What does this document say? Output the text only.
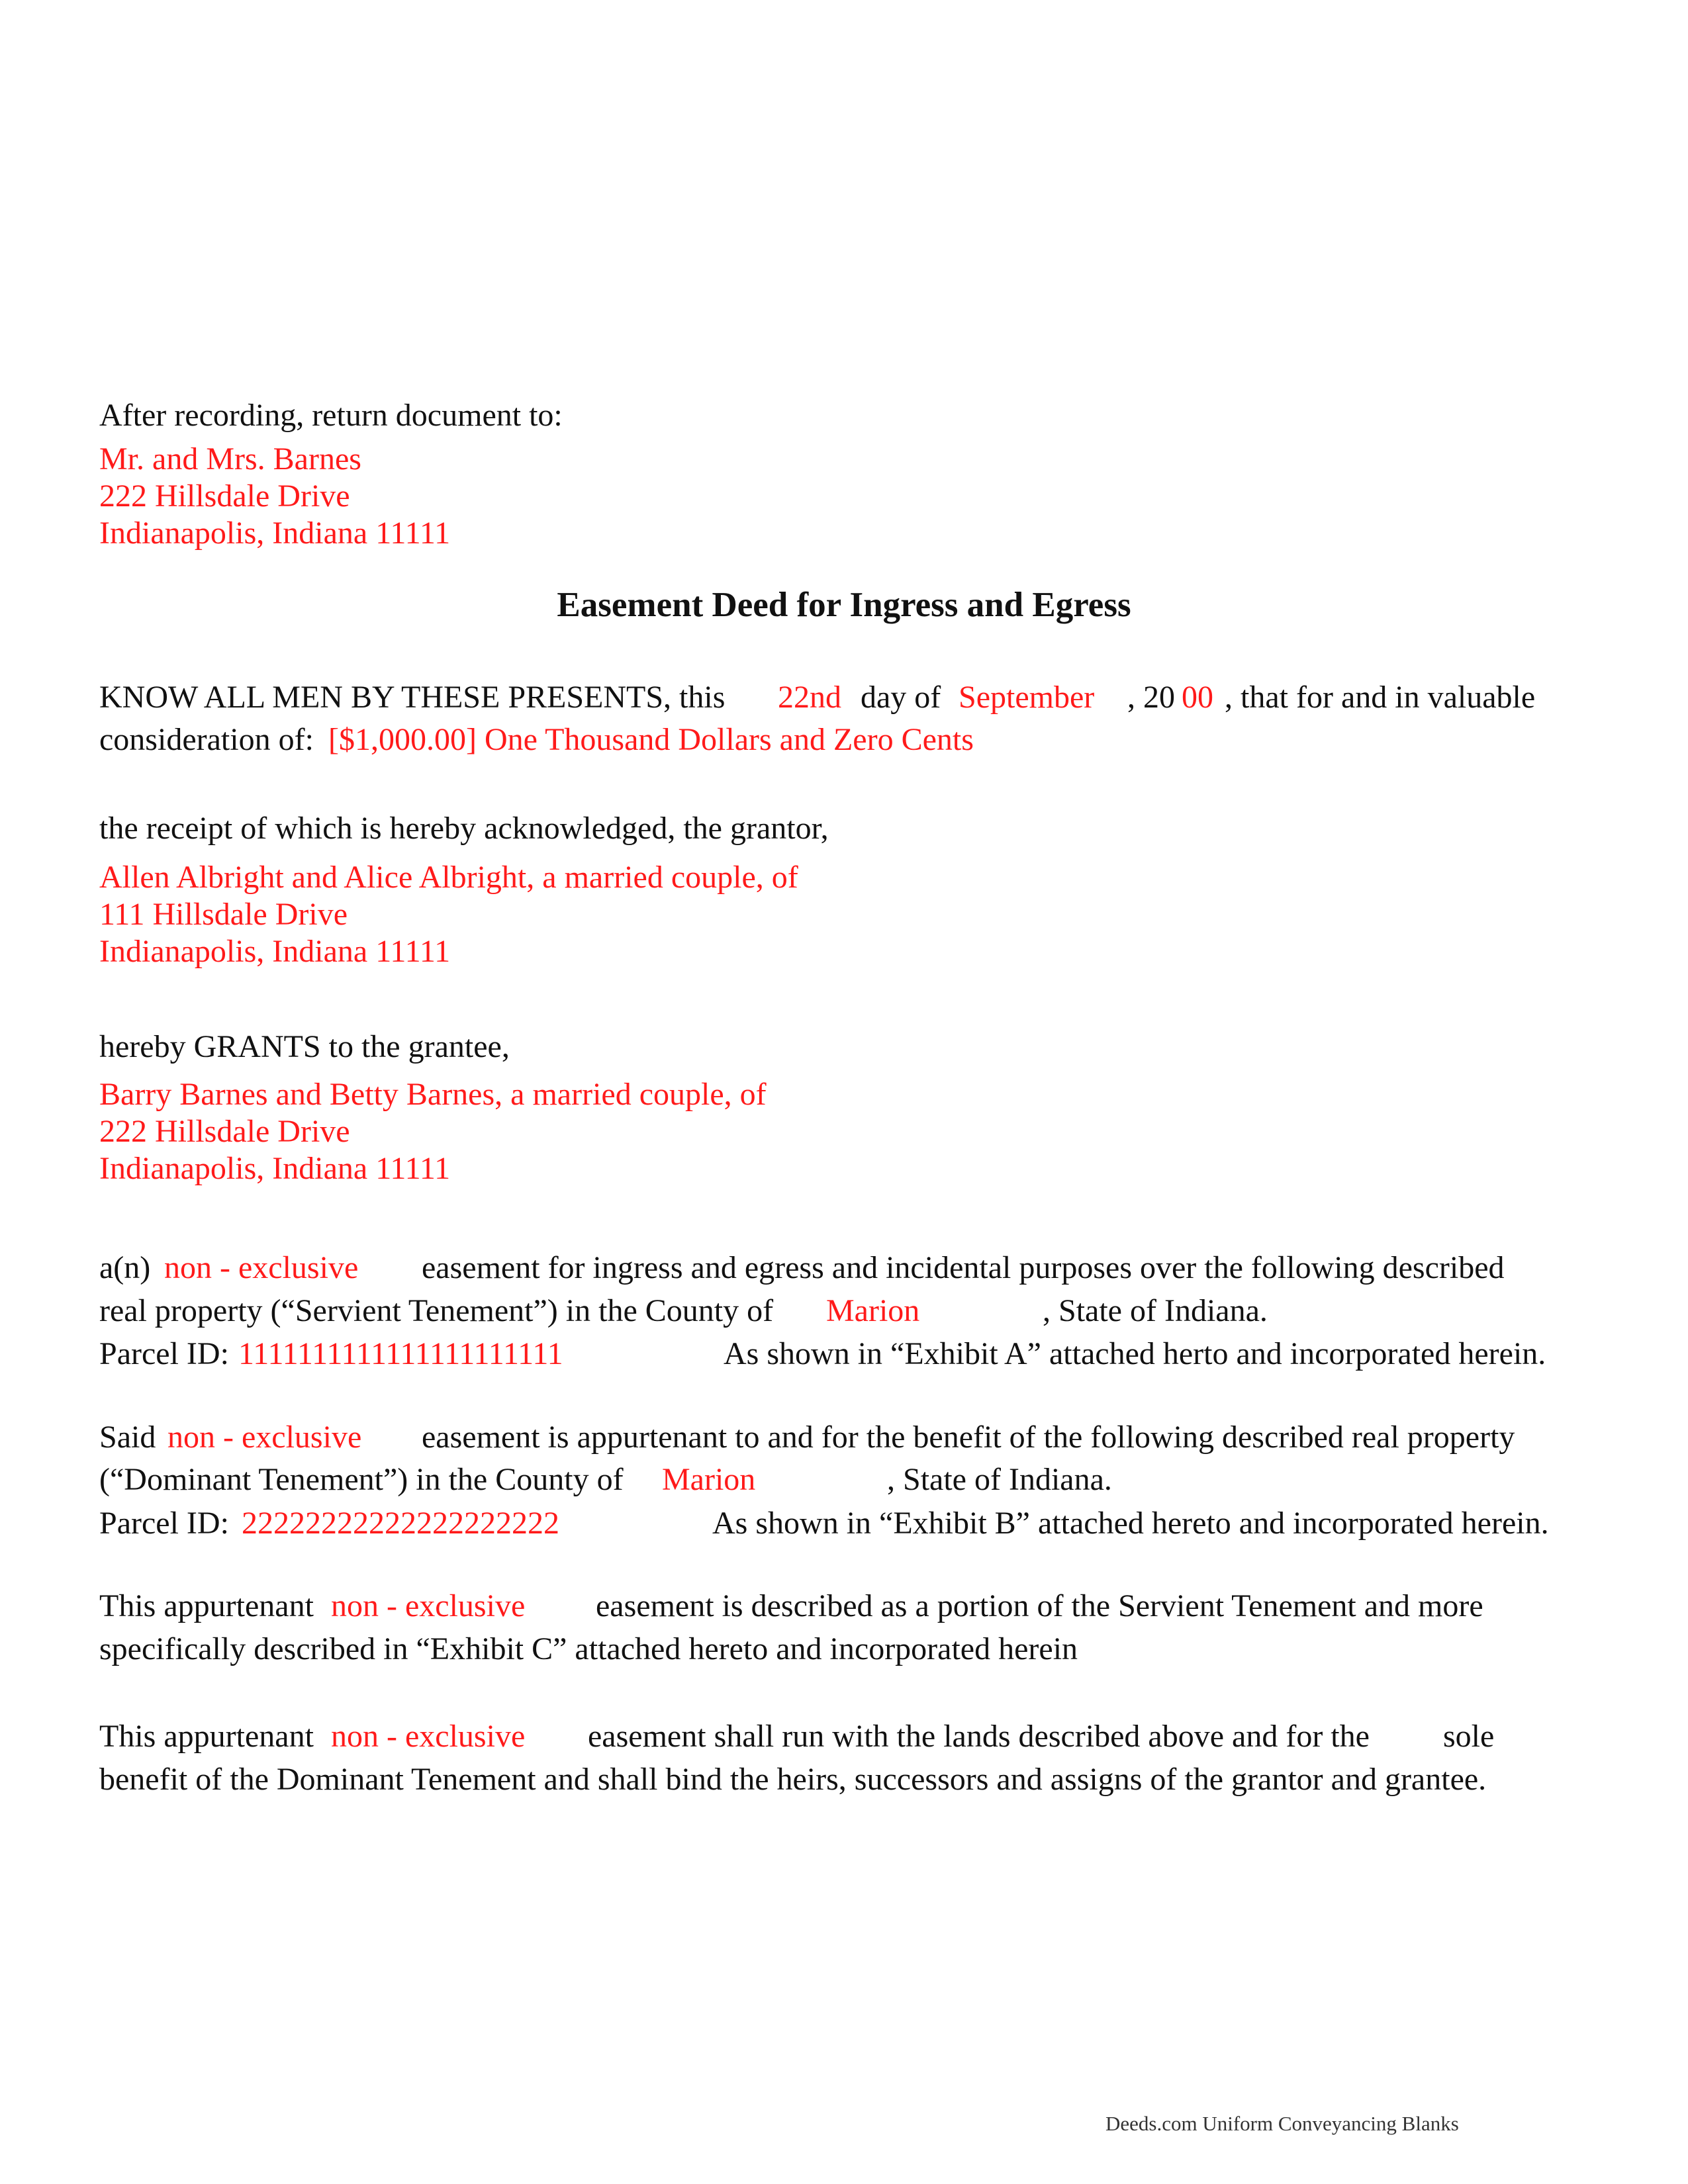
After recording, return document to:
Mr. and Mrs. Barnes
222 Hillsdale Drive
Indianapolis, Indiana 11111
Easement Deed for Ingress and Egress
KNOW ALL MEN BY THESE PRESENTS, this 22nd day of September , 20 00 , that for and in valuable
consideration of: [$1,000.00] One Thousand Dollars and Zero Cents
the receipt of which is hereby acknowledged, the grantor,
Allen Albright and Alice Albright, a married couple, of
111 Hillsdale Drive
Indianapolis, Indiana 11111
hereby GRANTS to the grantee,
Barry Barnes and Betty Barnes, a married couple, of
222 Hillsdale Drive
Indianapolis, Indiana 11111
a(n) non - exclusive easement for ingress and egress and incidental purposes over the following described
real property (“Servient Tenement”) in the County of Marion	, State of Indiana.
Parcel ID: 1111111111111111111111	As shown in “Exhibit A” attached herto and incorporated herein.
Said non - exclusive easement is appurtenant to and for the benefit of the following described real property
(“Dominant Tenement”) in the County of Marion	, State of Indiana.
Parcel ID: 22222222222222222222	As shown in “Exhibit B” attached hereto and incorporated herein.
This appurtenant non - exclusive easement is described as a portion of the Servient Tenement and more
specifically described in “Exhibit C” attached hereto and incorporated herein
This appurtenant non - exclusive easement shall run with the lands described above and for the sole
benefit of the Dominant Tenement and shall bind the heirs, successors and assigns of the grantor and grantee.
Deeds.com Uniform Conveyancing Blanks
